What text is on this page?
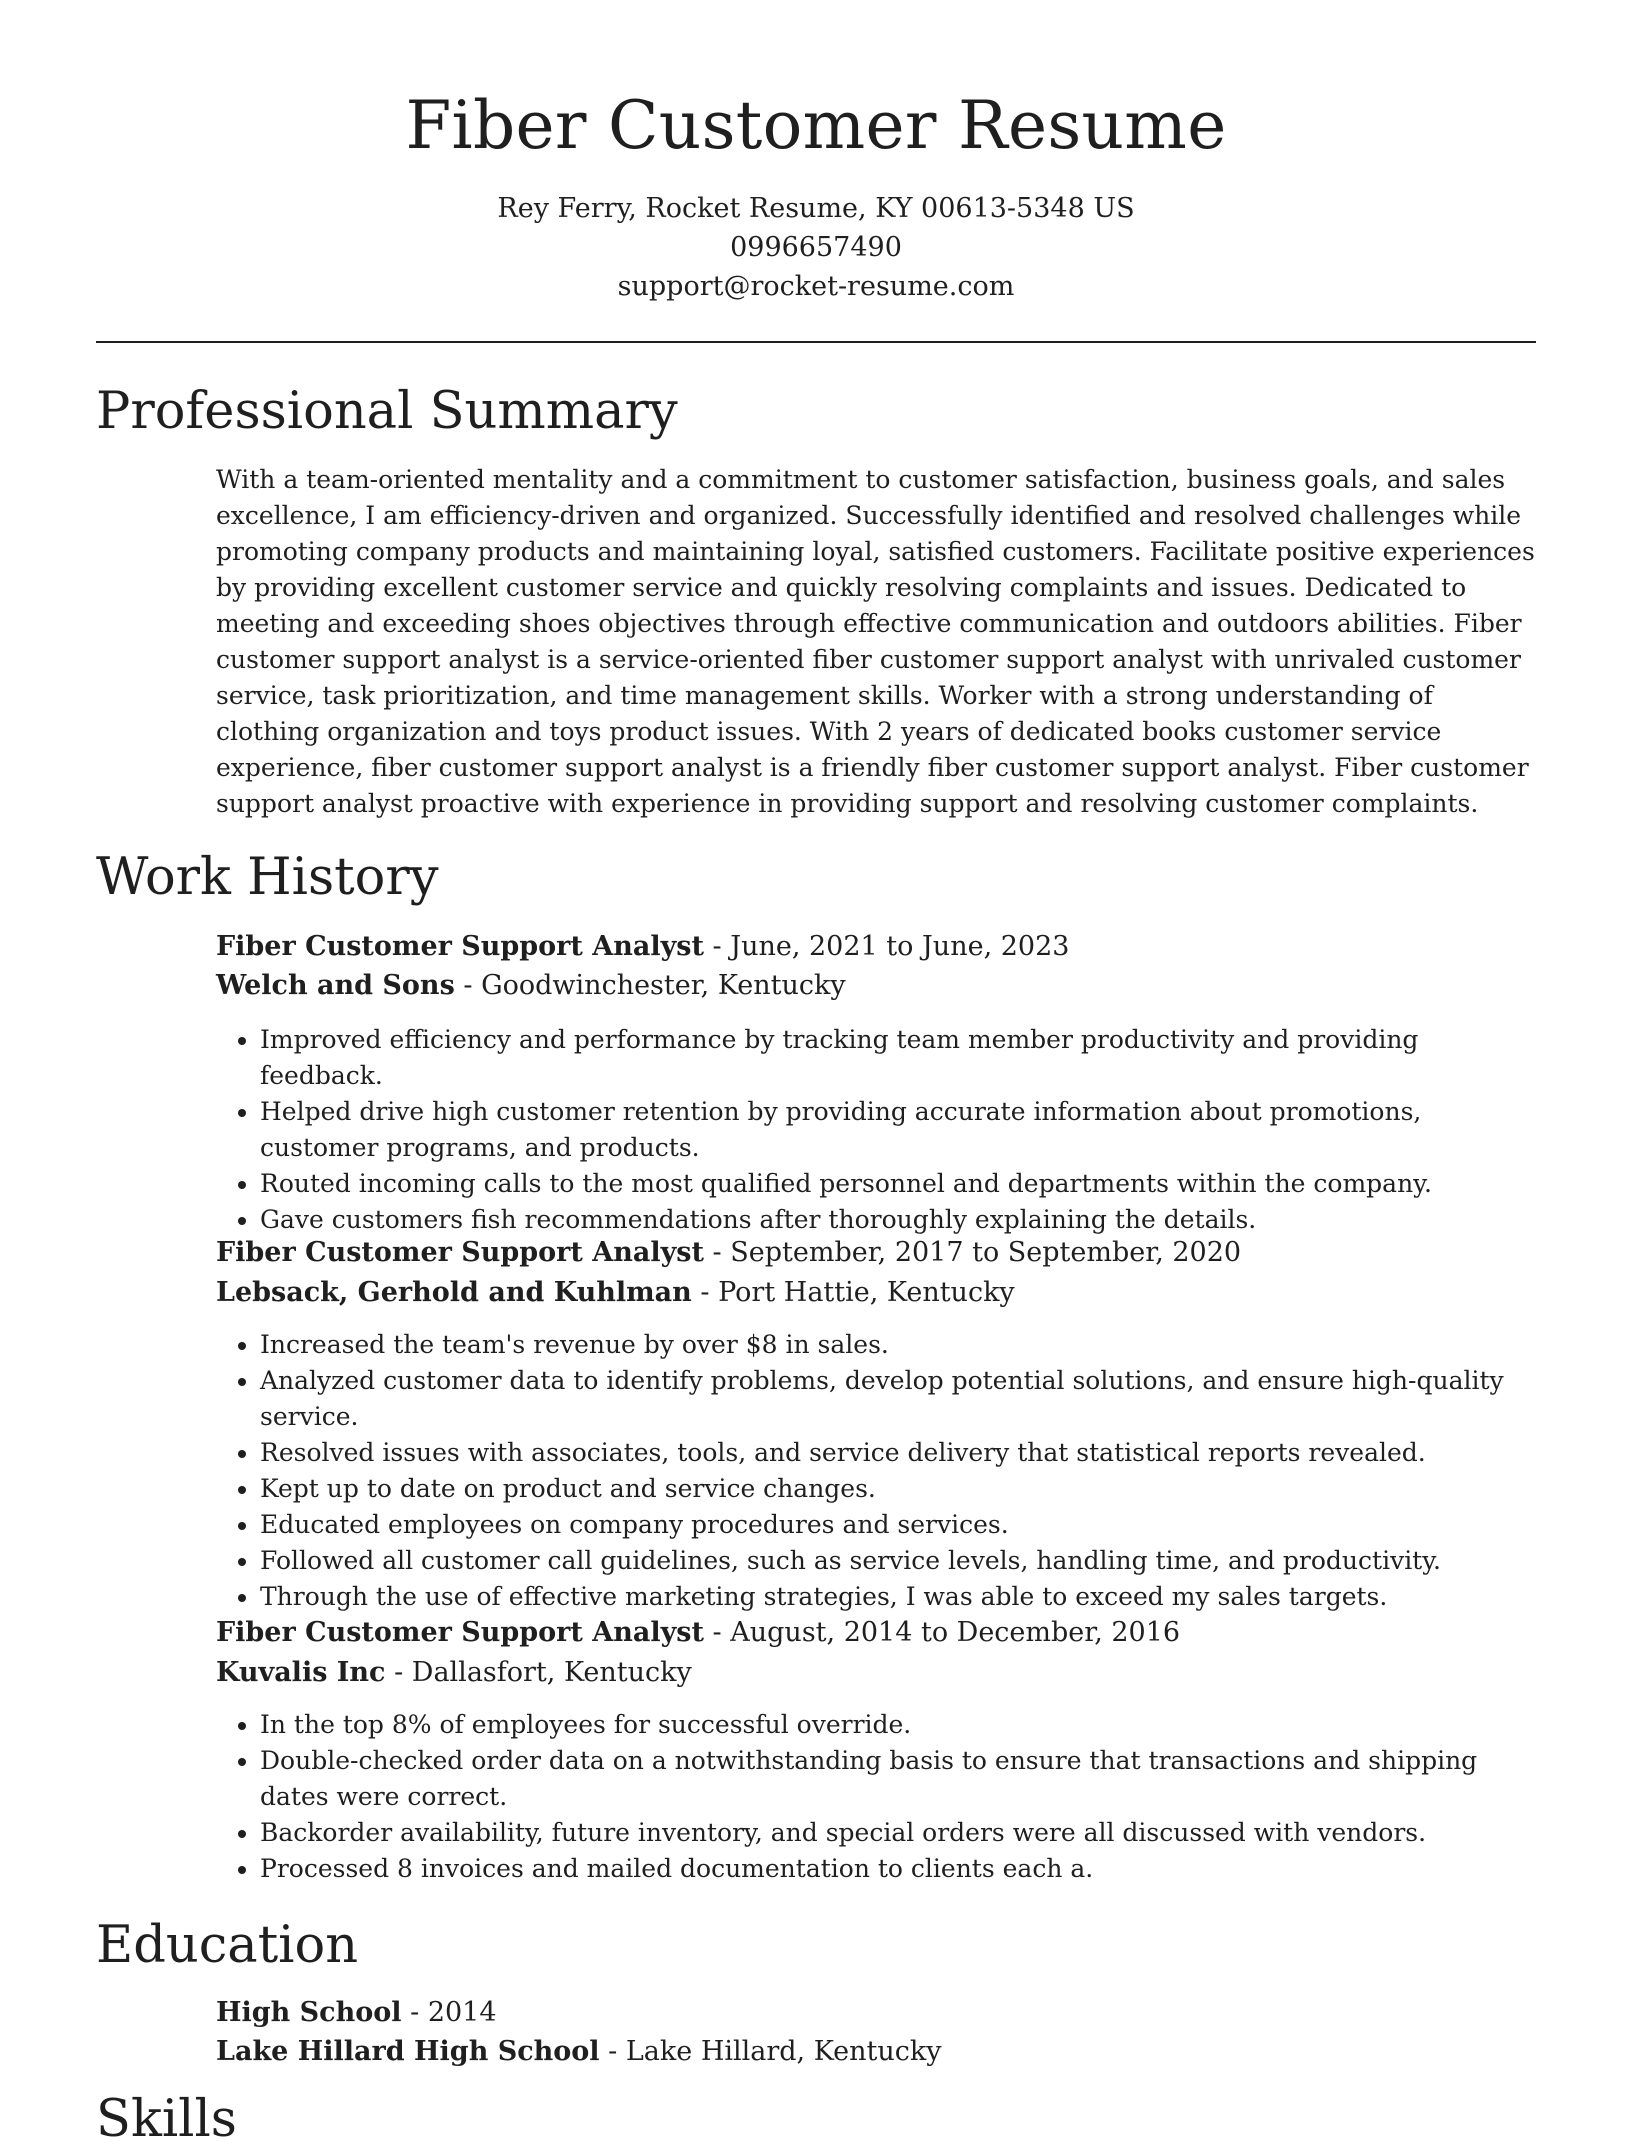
Fiber Customer Resume
Rey Ferry, Rocket Resume, KY 00613-5348 US
0996657490
support@rocket-resume.com
Professional Summary

With a team-oriented mentality and a commitment to customer satisfaction, business goals, and sales excellence, I am efficiency-driven and organized. Successfully identified and resolved challenges while promoting company products and maintaining loyal, satisfied customers. Facilitate positive experiences by providing excellent customer service and quickly resolving complaints and issues. Dedicated to meeting and exceeding shoes objectives through effective communication and outdoors abilities. Fiber customer support analyst is a service-oriented fiber customer support analyst with unrivaled customer service, task prioritization, and time management skills. Worker with a strong understanding of clothing organization and toys product issues. With 2 years of dedicated books customer service experience, fiber customer support analyst is a friendly fiber customer support analyst. Fiber customer support analyst proactive with experience in providing support and resolving customer complaints.

Work History
Fiber Customer Support Analyst - June, 2021 to June, 2023
Welch and Sons - Goodwinchester, Kentucky
• Improved efficiency and performance by tracking team member productivity and providing feedback.
• Helped drive high customer retention by providing accurate information about promotions, customer programs, and products.
• Routed incoming calls to the most qualified personnel and departments within the company.
• Gave customers fish recommendations after thoroughly explaining the details.
Fiber Customer Support Analyst - September, 2017 to September, 2020
Lebsack, Gerhold and Kuhlman - Port Hattie, Kentucky
• Increased the team's revenue by over $8 in sales.
• Analyzed customer data to identify problems, develop potential solutions, and ensure high-quality service.
• Resolved issues with associates, tools, and service delivery that statistical reports revealed.
• Kept up to date on product and service changes.
• Educated employees on company procedures and services.
• Followed all customer call guidelines, such as service levels, handling time, and productivity.
• Through the use of effective marketing strategies, I was able to exceed my sales targets.
Fiber Customer Support Analyst - August, 2014 to December, 2016
Kuvalis Inc - Dallasfort, Kentucky
• In the top 8% of employees for successful override.
• Double-checked order data on a notwithstanding basis to ensure that transactions and shipping dates were correct.
• Backorder availability, future inventory, and special orders were all discussed with vendors.
• Processed 8 invoices and mailed documentation to clients each a.
Education
High School - 2014
Lake Hillard High School - Lake Hillard, Kentucky
Skills
